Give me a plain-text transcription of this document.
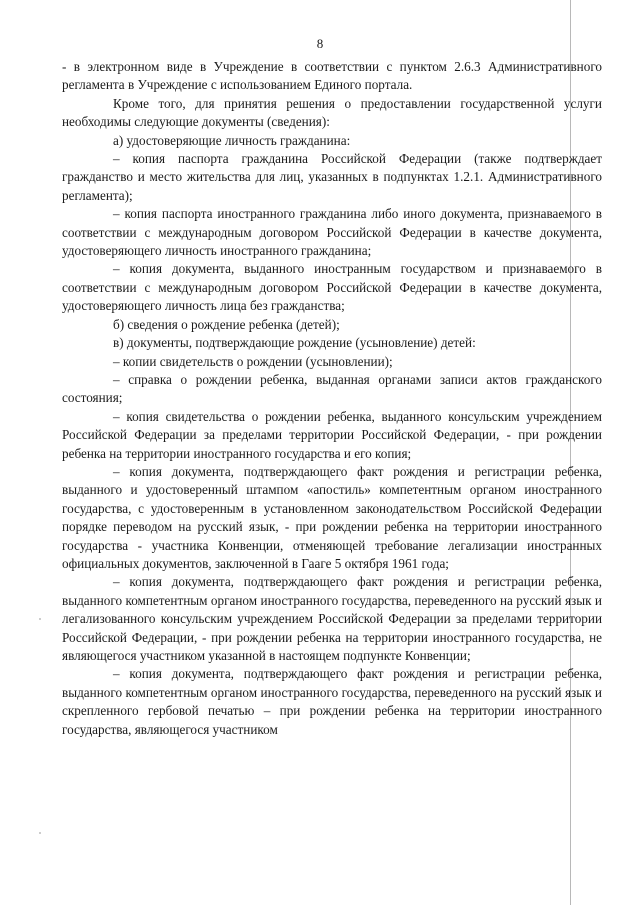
8

- в электронном виде в Учреждение в соответствии с пунктом 2.6.3 Административного регламента в Учреждение с использованием Единого портала.

Кроме того, для принятия решения о предоставлении государственной услуги необходимы следующие документы (сведения):

а) удостоверяющие личность гражданина:

– копия паспорта гражданина Российской Федерации (также подтверждает гражданство и место жительства для лиц, указанных в подпунктах 1.2.1. Административного регламента);

– копия паспорта иностранного гражданина либо иного документа, признаваемого в соответствии с международным договором Российской Федерации в качестве документа, удостоверяющего личность иностранного гражданина;

– копия документа, выданного иностранным государством и признаваемого в соответствии с международным договором Российской Федерации в качестве документа, удостоверяющего личность лица без гражданства;

б) сведения о рождение ребенка (детей);

в) документы, подтверждающие рождение (усыновление) детей:

– копии свидетельств о рождении (усыновлении);

– справка о рождении ребенка, выданная органами записи актов гражданского состояния;

– копия свидетельства о рождении ребенка, выданного консульским учреждением Российской Федерации за пределами территории Российской Федерации, - при рождении ребенка на территории иностранного государства и его копия;

– копия документа, подтверждающего факт рождения и регистрации ребенка, выданного и удостоверенный штампом «апостиль» компетентным органом иностранного государства, с удостоверенным в установленном законодательством Российской Федерации порядке переводом на русский язык, - при рождении ребенка на территории иностранного государства - участника Конвенции, отменяющей требование легализации иностранных официальных документов, заключенной в Гааге 5 октября 1961 года;

– копия документа, подтверждающего факт рождения и регистрации ребенка, выданного компетентным органом иностранного государства, переведенного на русский язык и легализованного консульским учреждением Российской Федерации за пределами территории Российской Федерации, - при рождении ребенка на территории иностранного государства, не являющегося участником указанной в настоящем подпункте Конвенции;

– копия документа, подтверждающего факт рождения и регистрации ребенка, выданного компетентным органом иностранного государства, переведенного на русский язык и скрепленного гербовой печатью – при рождении ребенка на территории иностранного государства, являющегося участником
